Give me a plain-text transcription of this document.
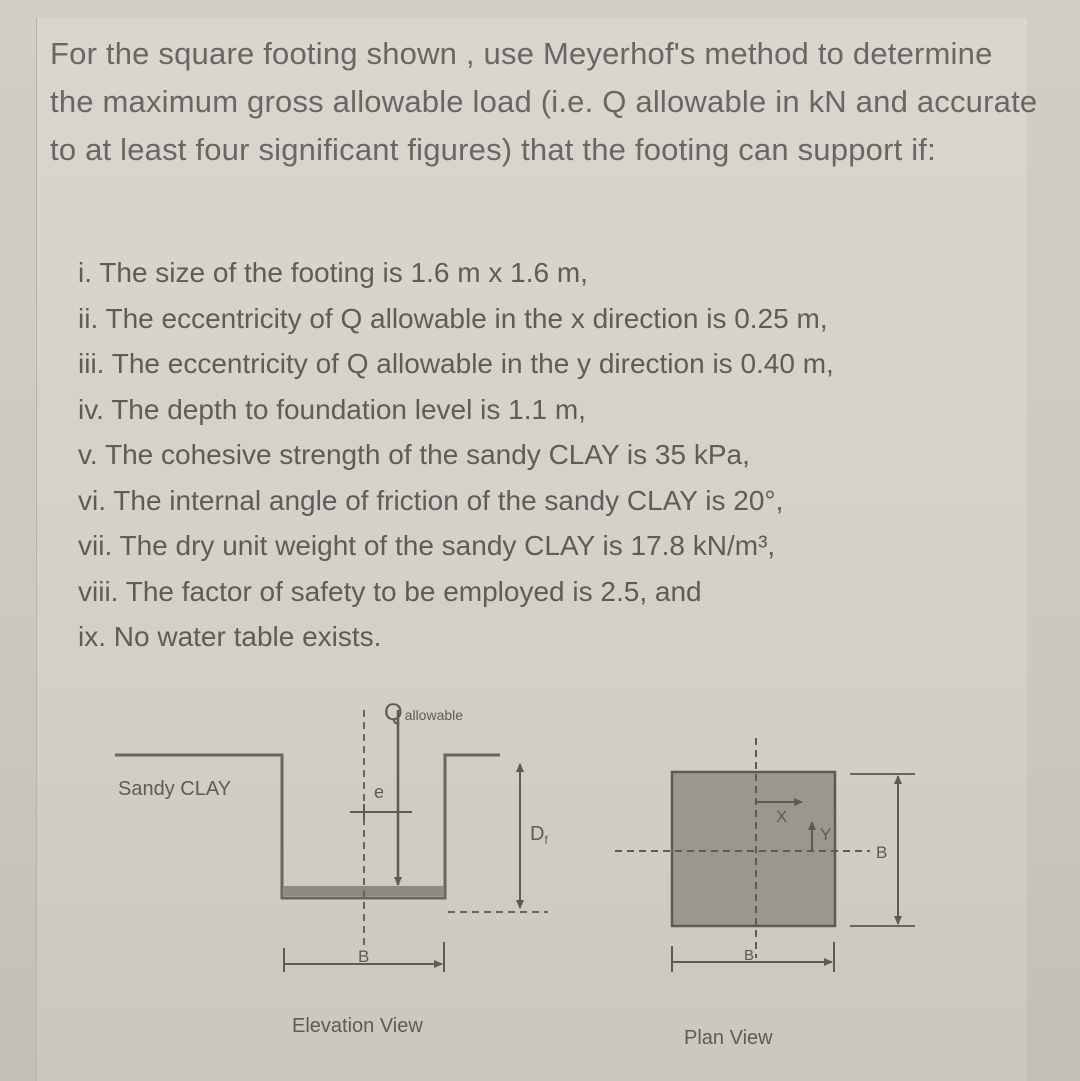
For the square footing shown , use Meyerhof's method to determine the maximum gross allowable load (i.e. Q allowable in kN and accurate to at least four significant figures) that the footing can support if:

i. The size of the footing is 1.6 m x 1.6 m,
ii. The eccentricity of Q allowable in the x direction is 0.25 m,
iii. The eccentricity of Q allowable in the y direction is 0.40 m,
iv. The depth to foundation level is 1.1 m,
v. The cohesive strength of the sandy CLAY is 35 kPa,
vi. The internal angle of friction of the sandy CLAY is 20°,
vii. The dry unit weight of the sandy CLAY is 17.8 kN/m³,
viii. The factor of safety to be employed is 2.5, and
ix. No water table exists.
Sandy CLAY
Qallowable
e
$D_f$
B
Elevation View
X
Y
B
B
Plan View
